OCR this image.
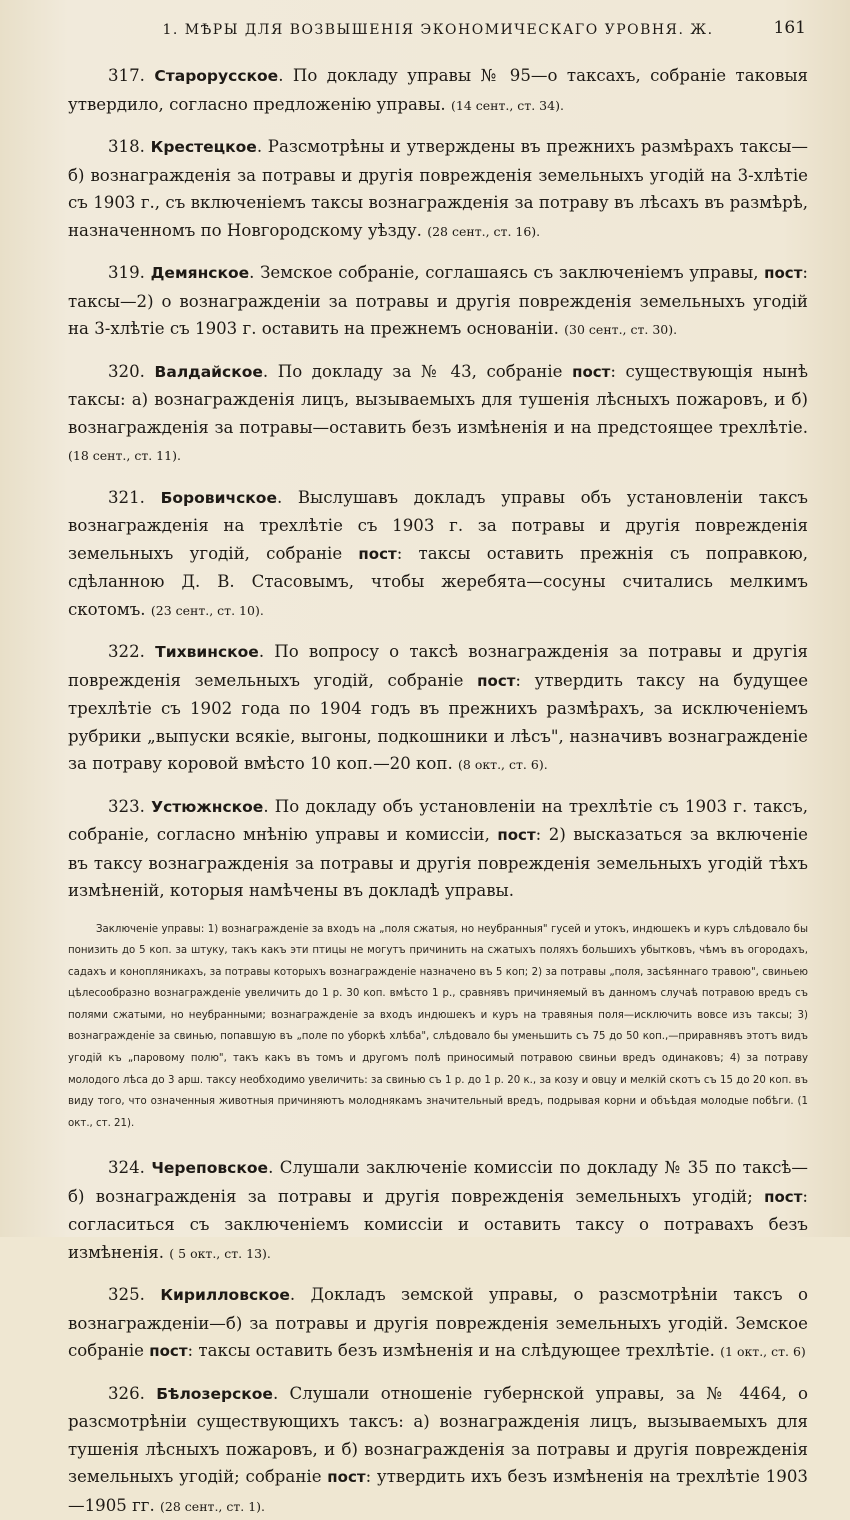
1. МѢРЫ ДЛЯ ВОЗВЫШЕНІЯ ЭКОНОМИЧЕСКАГО УРОВНЯ. Ж.	161

317. Старорусское. По докладу управы № 95—о таксахъ, собраніе таковыя утвердило, согласно предложенію управы. (14 сент., ст. 34).

318. Крестецкое. Разсмотрѣны и утверждены въ прежнихъ размѣрахъ таксы—б) вознагражденія за потравы и другія поврежденія земельныхъ угодій на 3-хлѣтіе съ 1903 г., съ включеніемъ таксы вознагражденія за потраву въ лѣсахъ въ размѣрѣ, назначенномъ по Новгородскому уѣзду. (28 сент., ст. 16).

319. Демянское. Земское собраніе, соглашаясь съ заключеніемъ управы, пост: таксы—2) о вознагражденіи за потравы и другія поврежденія земельныхъ угодій на 3-хлѣтіе съ 1903 г. оставить на прежнемъ основаніи. (30 сент., ст. 30).

320. Валдайское. По докладу за № 43, собраніе пост: существующія нынѣ таксы: а) вознагражденія лицъ, вызываемыхъ для тушенія лѣсныхъ пожаровъ, и б) вознагражденія за потравы—оставить безъ измѣненія и на предстоящее трехлѣтіе. (18 сент., ст. 11).

321. Боровичское. Выслушавъ докладъ управы объ установленіи таксъ вознагражденія на трехлѣтіе съ 1903 г. за потравы и другія поврежденія земельныхъ угодій, собраніе пост: таксы оставить прежнія съ поправкою, сдѣланною Д. В. Стасовымъ, чтобы жеребята—сосуны считались мелкимъ скотомъ. (23 сент., ст. 10).

322. Тихвинское. По вопросу о таксѣ вознагражденія за потравы и другія поврежденія земельныхъ угодій, собраніе пост: утвердить таксу на будущее трехлѣтіе съ 1902 года по 1904 годъ въ прежнихъ размѣрахъ, за исключеніемъ рубрики „выпуски всякіе, выгоны, подкошники и лѣсъ", назначивъ вознагражденіе за потраву коровой вмѣсто 10 коп.—20 коп. (8 окт., ст. 6).

323. Устюжнское. По докладу объ установленіи на трехлѣтіе съ 1903 г. таксъ, собраніе, согласно мнѣнію управы и комиссіи, пост: 2) высказаться за включеніе въ таксу вознагражденія за потравы и другія поврежденія земельныхъ угодій тѣхъ измѣненій, которыя намѣчены въ докладѣ управы.

Заключеніе управы: 1) вознагражденіе за входъ на „поля сжатыя, но неубранныя" гусей и утокъ, индюшекъ и куръ слѣдовало бы понизить до 5 коп. за штуку, такъ какъ эти птицы не могутъ причинить на сжатыхъ поляхъ большихъ убытковъ, чѣмъ въ огородахъ, садахъ и конопляникахъ, за потравы которыхъ вознагражденіе назначено въ 5 коп; 2) за потравы „поля, засѣяннаго травою", свиньею цѣлесообразно вознагражденіе увеличить до 1 р. 30 коп. вмѣсто 1 р., сравнявъ причиняемый въ данномъ случаѣ потравою вредъ съ полями сжатыми, но неубранными; вознагражденіе за входъ индюшекъ и куръ на травяныя поля—исключить вовсе изъ таксы; 3) вознагражденіе за свинью, попавшую въ „поле по уборкѣ хлѣба", слѣдовало бы уменьшить съ 75 до 50 коп.,—приравнявъ этотъ видъ угодій къ „паровому полю", такъ какъ въ томъ и другомъ полѣ приносимый потравою свиньи вредъ одинаковъ; 4) за потраву молодого лѣса до 3 арш. таксу необходимо увеличить: за свинью съ 1 р. до 1 р. 20 к., за козу и овцу и мелкій скотъ съ 15 до 20 коп. въ виду того, что означенныя животныя причиняютъ молоднякамъ значительный вредъ, подрывая корни и объѣдая молодые побѣги. (1 окт., ст. 21).

324. Череповское. Слушали заключеніе комиссіи по докладу № 35 по таксѣ—б) вознагражденія за потравы и другія поврежденія земельныхъ угодій; пост: согласиться съ заключеніемъ комиссіи и оставить таксу о потравахъ безъ измѣненія. ( 5 окт., ст. 13).

325. Кирилловское. Докладъ земской управы, о разсмотрѣніи таксъ о вознагражденіи—б) за потравы и другія поврежденія земельныхъ угодій. Земское собраніе пост: таксы оставить безъ измѣненія и на слѣдующее трехлѣтіе. (1 окт., ст. 6)

326. Бѣлозерское. Слушали отношеніе губернской управы, за № 4464, о разсмотрѣніи существующихъ таксъ: а) вознагражденія лицъ, вызываемыхъ для тушенія лѣсныхъ пожаровъ, и б) вознагражденія за потравы и другія поврежденія земельныхъ угодій; собраніе пост: утвердить ихъ безъ измѣненія на трехлѣтіе 1903—1905 гг. (28 сент., ст. 1).
